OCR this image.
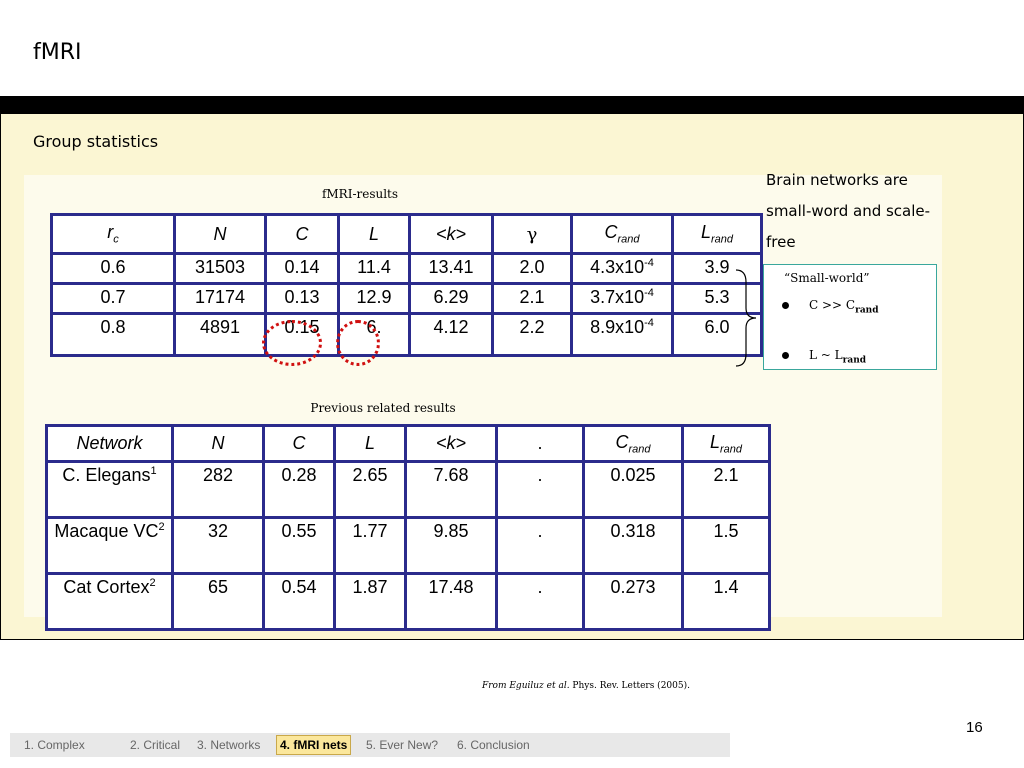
fMRI
Group statistics
fMRI-results
$r_c$	N	C	L	<k>	γ	$C_{rand}$	$L_{rand}$
0.6	31503	0.14	11.4	13.41	2.0	$4.3x10^{-4}$	3.9
0.7	17174	0.13	12.9	6.29	2.1	$3.7x10^{-4}$	5.3
0.8	4891	0.15	6.	4.12	2.2	$8.9x10^{-4}$	6.0
Brain networks are small-word and scale-free
“Small-world”
$C >> C_{rand}$
L ~ $L_{rand}$
Previous related results
Network	N	C	L	<k>	.	$C_{rand}$	$L_{rand}$
C. Elegans$^1$	282	0.28	2.65	7.68	.	0.025	2.1
Macaque $VC^2$	32	0.55	1.77	9.85	.	0.318	1.5
Cat Cortex$^2$	65	0.54	1.87	17.48	.	0.273	1.4
From Eguiluz et al. Phys. Rev. Letters (2005).
16
1. Complex	2. Critical 3. Networks	4. fMRI nets	5. Ever New? 6. Conclusion
